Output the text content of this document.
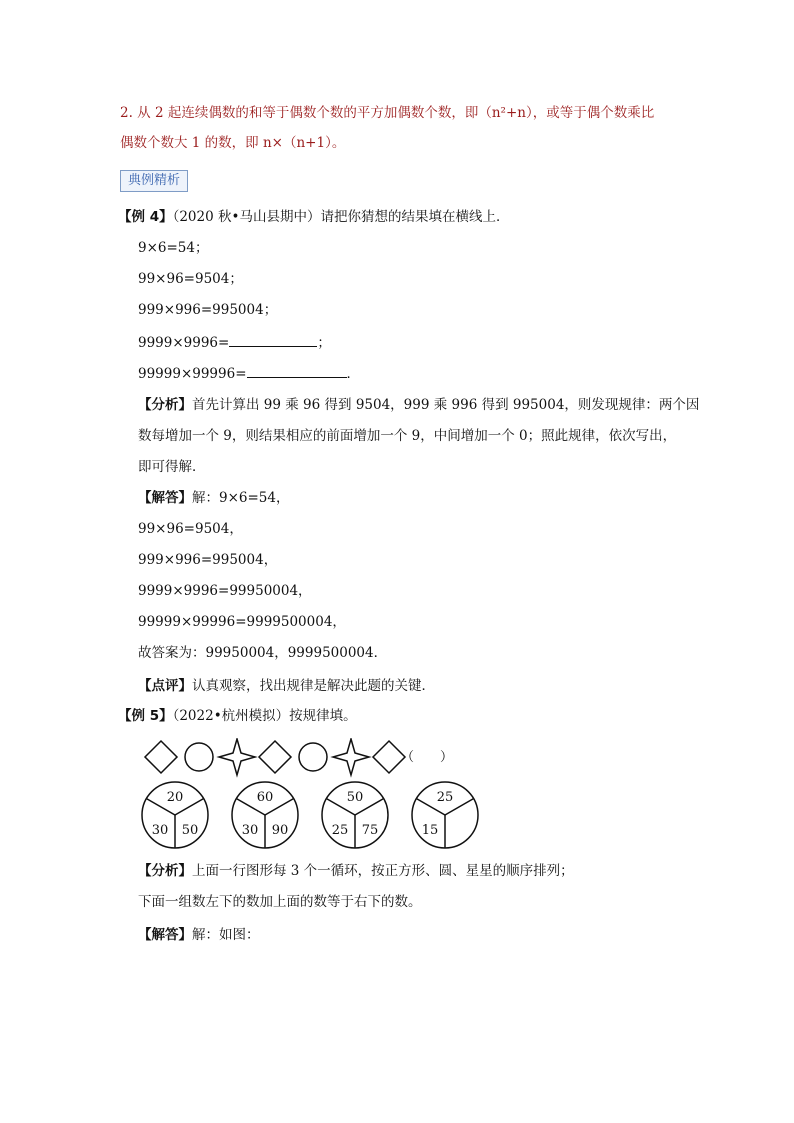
2. 从 2 起连续偶数的和等于偶数个数的平方加偶数个数，即（n²+n），或等于偶个数乘比
偶数个数大 1 的数，即 n×（n+1）。
典例精析
【例 4】（2020 秋•马山县期中）请把你猜想的结果填在横线上．
9×6=54；
99×96=9504；
999×996=995004；
9999×9996=	；
99999×99996=	．
【分析】首先计算出 99 乘 96 得到 9504，999 乘 996 得到 995004，则发现规律：两个因
数每增加一个 9，则结果相应的前面增加一个 9，中间增加一个 0；照此规律，依次写出，
即可得解．
【解答】解：9×6=54，
99×96=9504，
999×996=995004，
9999×9996=99950004，
99999×99996=9999500004，
故答案为：99950004，9999500004．
【点评】认真观察，找出规律是解决此题的关键．
【例 5】（2022•杭州模拟）按规律填。
（　　）
20
30 50
60
30 90
50
25 75
25
15
【分析】上面一行图形每 3 个一循环，按正方形、圆、星星的顺序排列；
下面一组数左下的数加上面的数等于右下的数。
【解答】解：如图：
